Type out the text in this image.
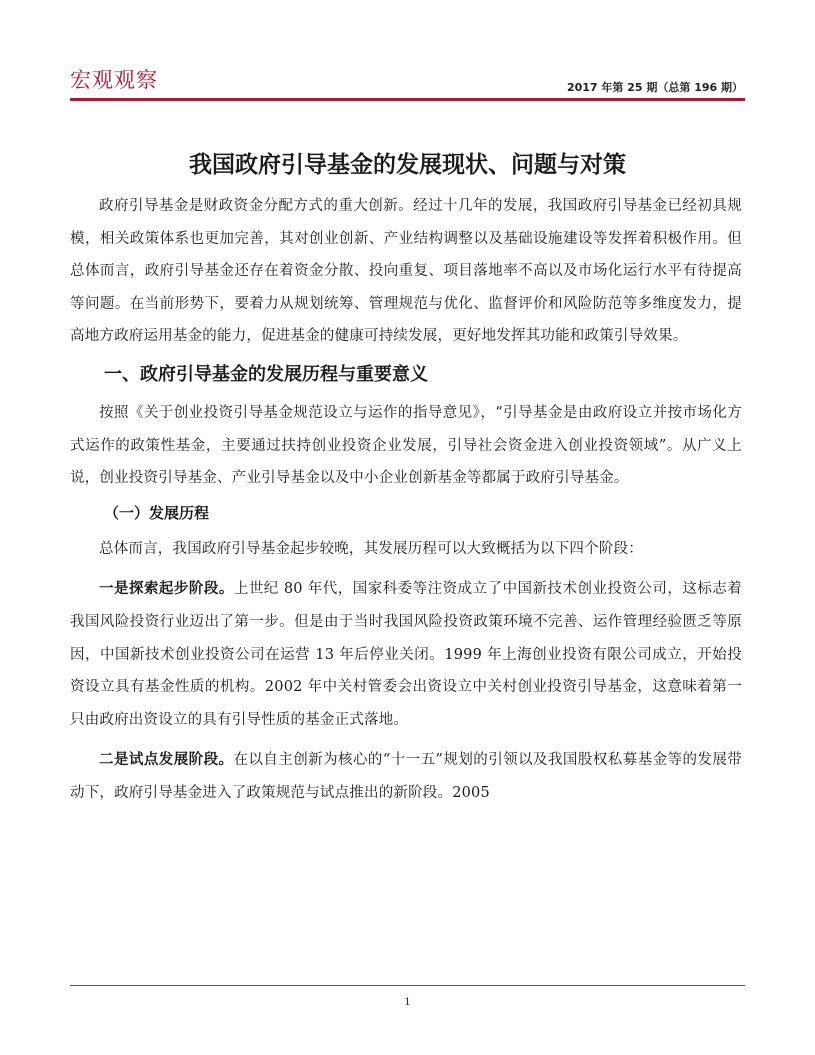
宏观观察	2017 年第 25 期（总第 196 期）
我国政府引导基金的发展现状、问题与对策

政府引导基金是财政资金分配方式的重大创新。经过十几年的发展，我国政府引导基金已经初具规模，相关政策体系也更加完善，其对创业创新、产业结构调整以及基础设施建设等发挥着积极作用。但总体而言，政府引导基金还存在着资金分散、投向重复、项目落地率不高以及市场化运行水平有待提高等问题。在当前形势下，要着力从规划统筹、管理规范与优化、监督评价和风险防范等多维度发力，提高地方政府运用基金的能力，促进基金的健康可持续发展，更好地发挥其功能和政策引导效果。

一、政府引导基金的发展历程与重要意义

按照《关于创业投资引导基金规范设立与运作的指导意见》，“引导基金是由政府设立并按市场化方式运作的政策性基金，主要通过扶持创业投资企业发展，引导社会资金进入创业投资领域”。从广义上说，创业投资引导基金、产业引导基金以及中小企业创新基金等都属于政府引导基金。

（一）发展历程

总体而言，我国政府引导基金起步较晚，其发展历程可以大致概括为以下四个阶段：

一是探索起步阶段。上世纪 80 年代，国家科委等注资成立了中国新技术创业投资公司，这标志着我国风险投资行业迈出了第一步。但是由于当时我国风险投资政策环境不完善、运作管理经验匮乏等原因，中国新技术创业投资公司在运营 13 年后停业关闭。1999 年上海创业投资有限公司成立，开始投资设立具有基金性质的机构。2002 年中关村管委会出资设立中关村创业投资引导基金，这意味着第一只由政府出资设立的具有引导性质的基金正式落地。

二是试点发展阶段。在以自主创新为核心的“十一五”规划的引领以及我国股权私募基金等的发展带动下，政府引导基金进入了政策规范与试点推出的新阶段。2005

1
